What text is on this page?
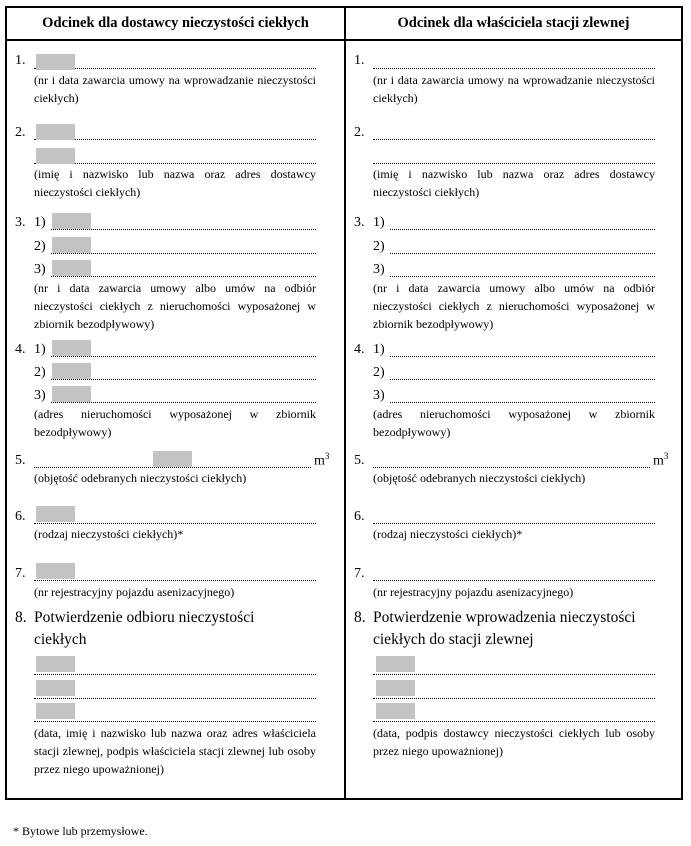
Odcinek dla dostawcy nieczystości ciekłych
1.
(nr i data zawarcia umowy na wprowadzanie nieczystości ciekłych)
2.
(imię i nazwisko lub nazwa oraz adres dostawcy nieczystości ciekłych)
3. 1)
2)
3)
(nr i data zawarcia umowy albo umów na odbiór nieczystości ciekłych z nieruchomości wyposażonej w zbiornik bezodpływowy)
4. 1)
2)
3)
(adres nieruchomości wyposażonej w zbiornik bezodpływowy)
5.	$m^3$
(objętość odebranych nieczystości ciekłych)
6.
(rodzaj nieczystości ciekłych)*
7.
(nr rejestracyjny pojazdu asenizacyjnego)
8. Potwierdzenie odbioru nieczystości ciekłych
(data, imię i nazwisko lub nazwa oraz adres właściciela stacji zlewnej, podpis właściciela stacji zlewnej lub osoby przez niego upoważnionej)
Odcinek dla właściciela stacji zlewnej
1.
(nr i data zawarcia umowy na wprowadzanie nieczystości ciekłych)
2.
(imię i nazwisko lub nazwa oraz adres dostawcy nieczystości ciekłych)
3. 1)
2)
3)
(nr i data zawarcia umowy albo umów na odbiór nieczystości ciekłych z nieruchomości wyposażonej w zbiornik bezodpływowy)
4. 1)
2)
3)
(adres nieruchomości wyposażonej w zbiornik bezodpływowy)
5.	$m^3$
(objętość odebranych nieczystości ciekłych)
6.
(rodzaj nieczystości ciekłych)*
7.
(nr rejestracyjny pojazdu asenizacyjnego)
8. Potwierdzenie wprowadzenia nieczystości ciekłych do stacji zlewnej
(data, podpis dostawcy nieczystości ciekłych lub osoby przez niego upoważnionej)
* Bytowe lub przemysłowe.
